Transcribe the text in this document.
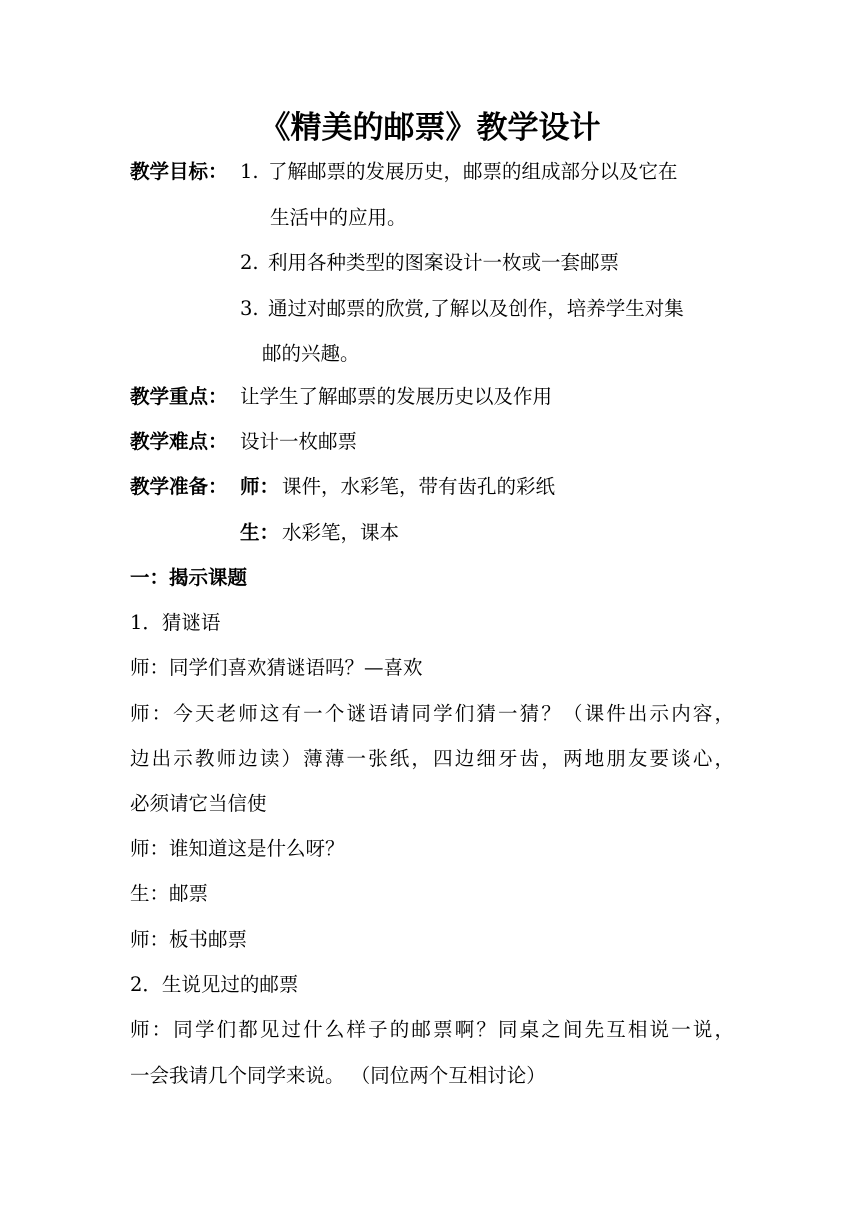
《精美的邮票》教学设计
教学目标： 1. 了解邮票的发展历史，邮票的组成部分以及它在
生活中的应用。
2. 利用各种类型的图案设计一枚或一套邮票
3. 通过对邮票的欣赏,了解以及创作，培养学生对集
邮的兴趣。
教学重点： 让学生了解邮票的发展历史以及作用
教学难点： 设计一枚邮票
教学准备： 师： 课件，水彩笔，带有齿孔的彩纸
生： 水彩笔，课本
一：揭示课题
1．猜谜语
师：同学们喜欢猜谜语吗？—喜欢
师：今天老师这有一个谜语请同学们猜一猜？（课件出示内容，
边出示教师边读）薄薄一张纸，四边细牙齿，两地朋友要谈心，
必须请它当信使
师：谁知道这是什么呀？
生：邮票
师：板书邮票
2．生说见过的邮票
师：同学们都见过什么样子的邮票啊？同桌之间先互相说一说，
一会我请几个同学来说。 （同位两个互相讨论）
